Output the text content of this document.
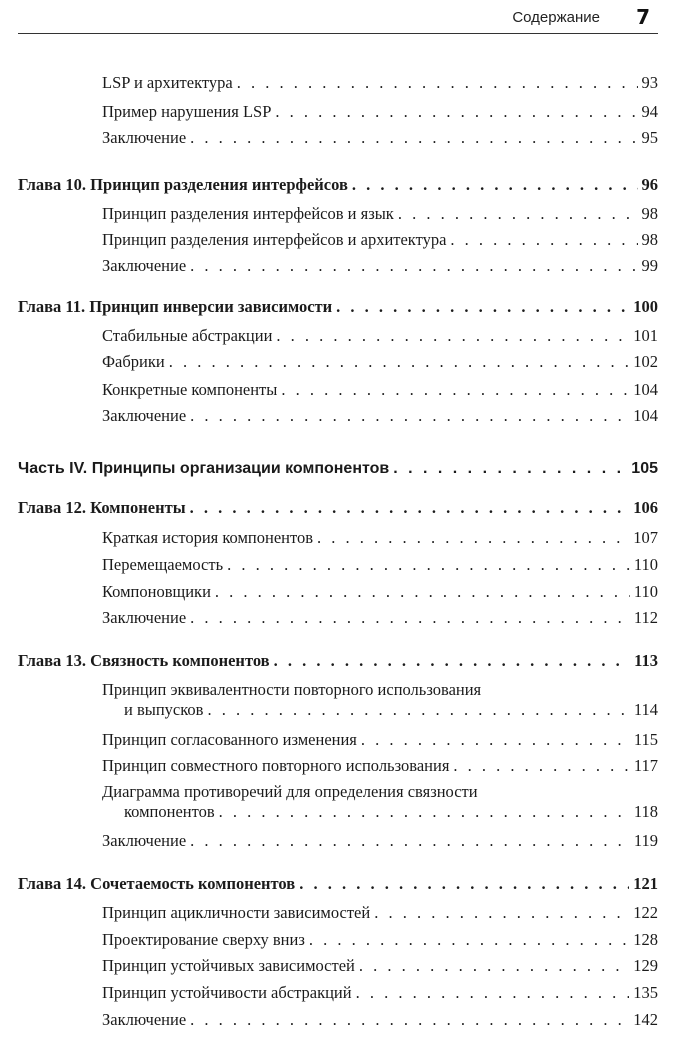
Содержание 7
LSP и архитектура . . .	93
Пример нарушения LSP . . .	94
Заключение . . .	95
Глава 10. Принцип разделения интерфейсов . . .	96
Принцип разделения интерфейсов и язык . . .	98
Принцип разделения интерфейсов и архитектура . . .	98
Заключение . . .	99
Глава 11. Принцип инверсии зависимости . . .	100
Стабильные абстракции . . .	101
Фабрики . . .	102
Конкретные компоненты . . .	104
Заключение . . .	104
Часть IV. Принципы организации компонентов . . .	105
Глава 12. Компоненты . . .	106
Краткая история компонентов . . .	107
Перемещаемость . . .	110
Компоновщики . . .	110
Заключение . . .	112
Глава 13. Связность компонентов . . .	113
Принцип эквивалентности повторного использования
и выпусков . . .	114
Принцип согласованного изменения . . .	115
Принцип совместного повторного использования . . .	117
Диаграмма противоречий для определения связности
компонентов . . .	118
Заключение . . .	119
Глава 14. Сочетаемость компонентов . . .	121
Принцип ацикличности зависимостей . . .	122
Проектирование сверху вниз . . .	128
Принцип устойчивых зависимостей . . .	129
Принцип устойчивости абстракций . . .	135
Заключение . . .	142
